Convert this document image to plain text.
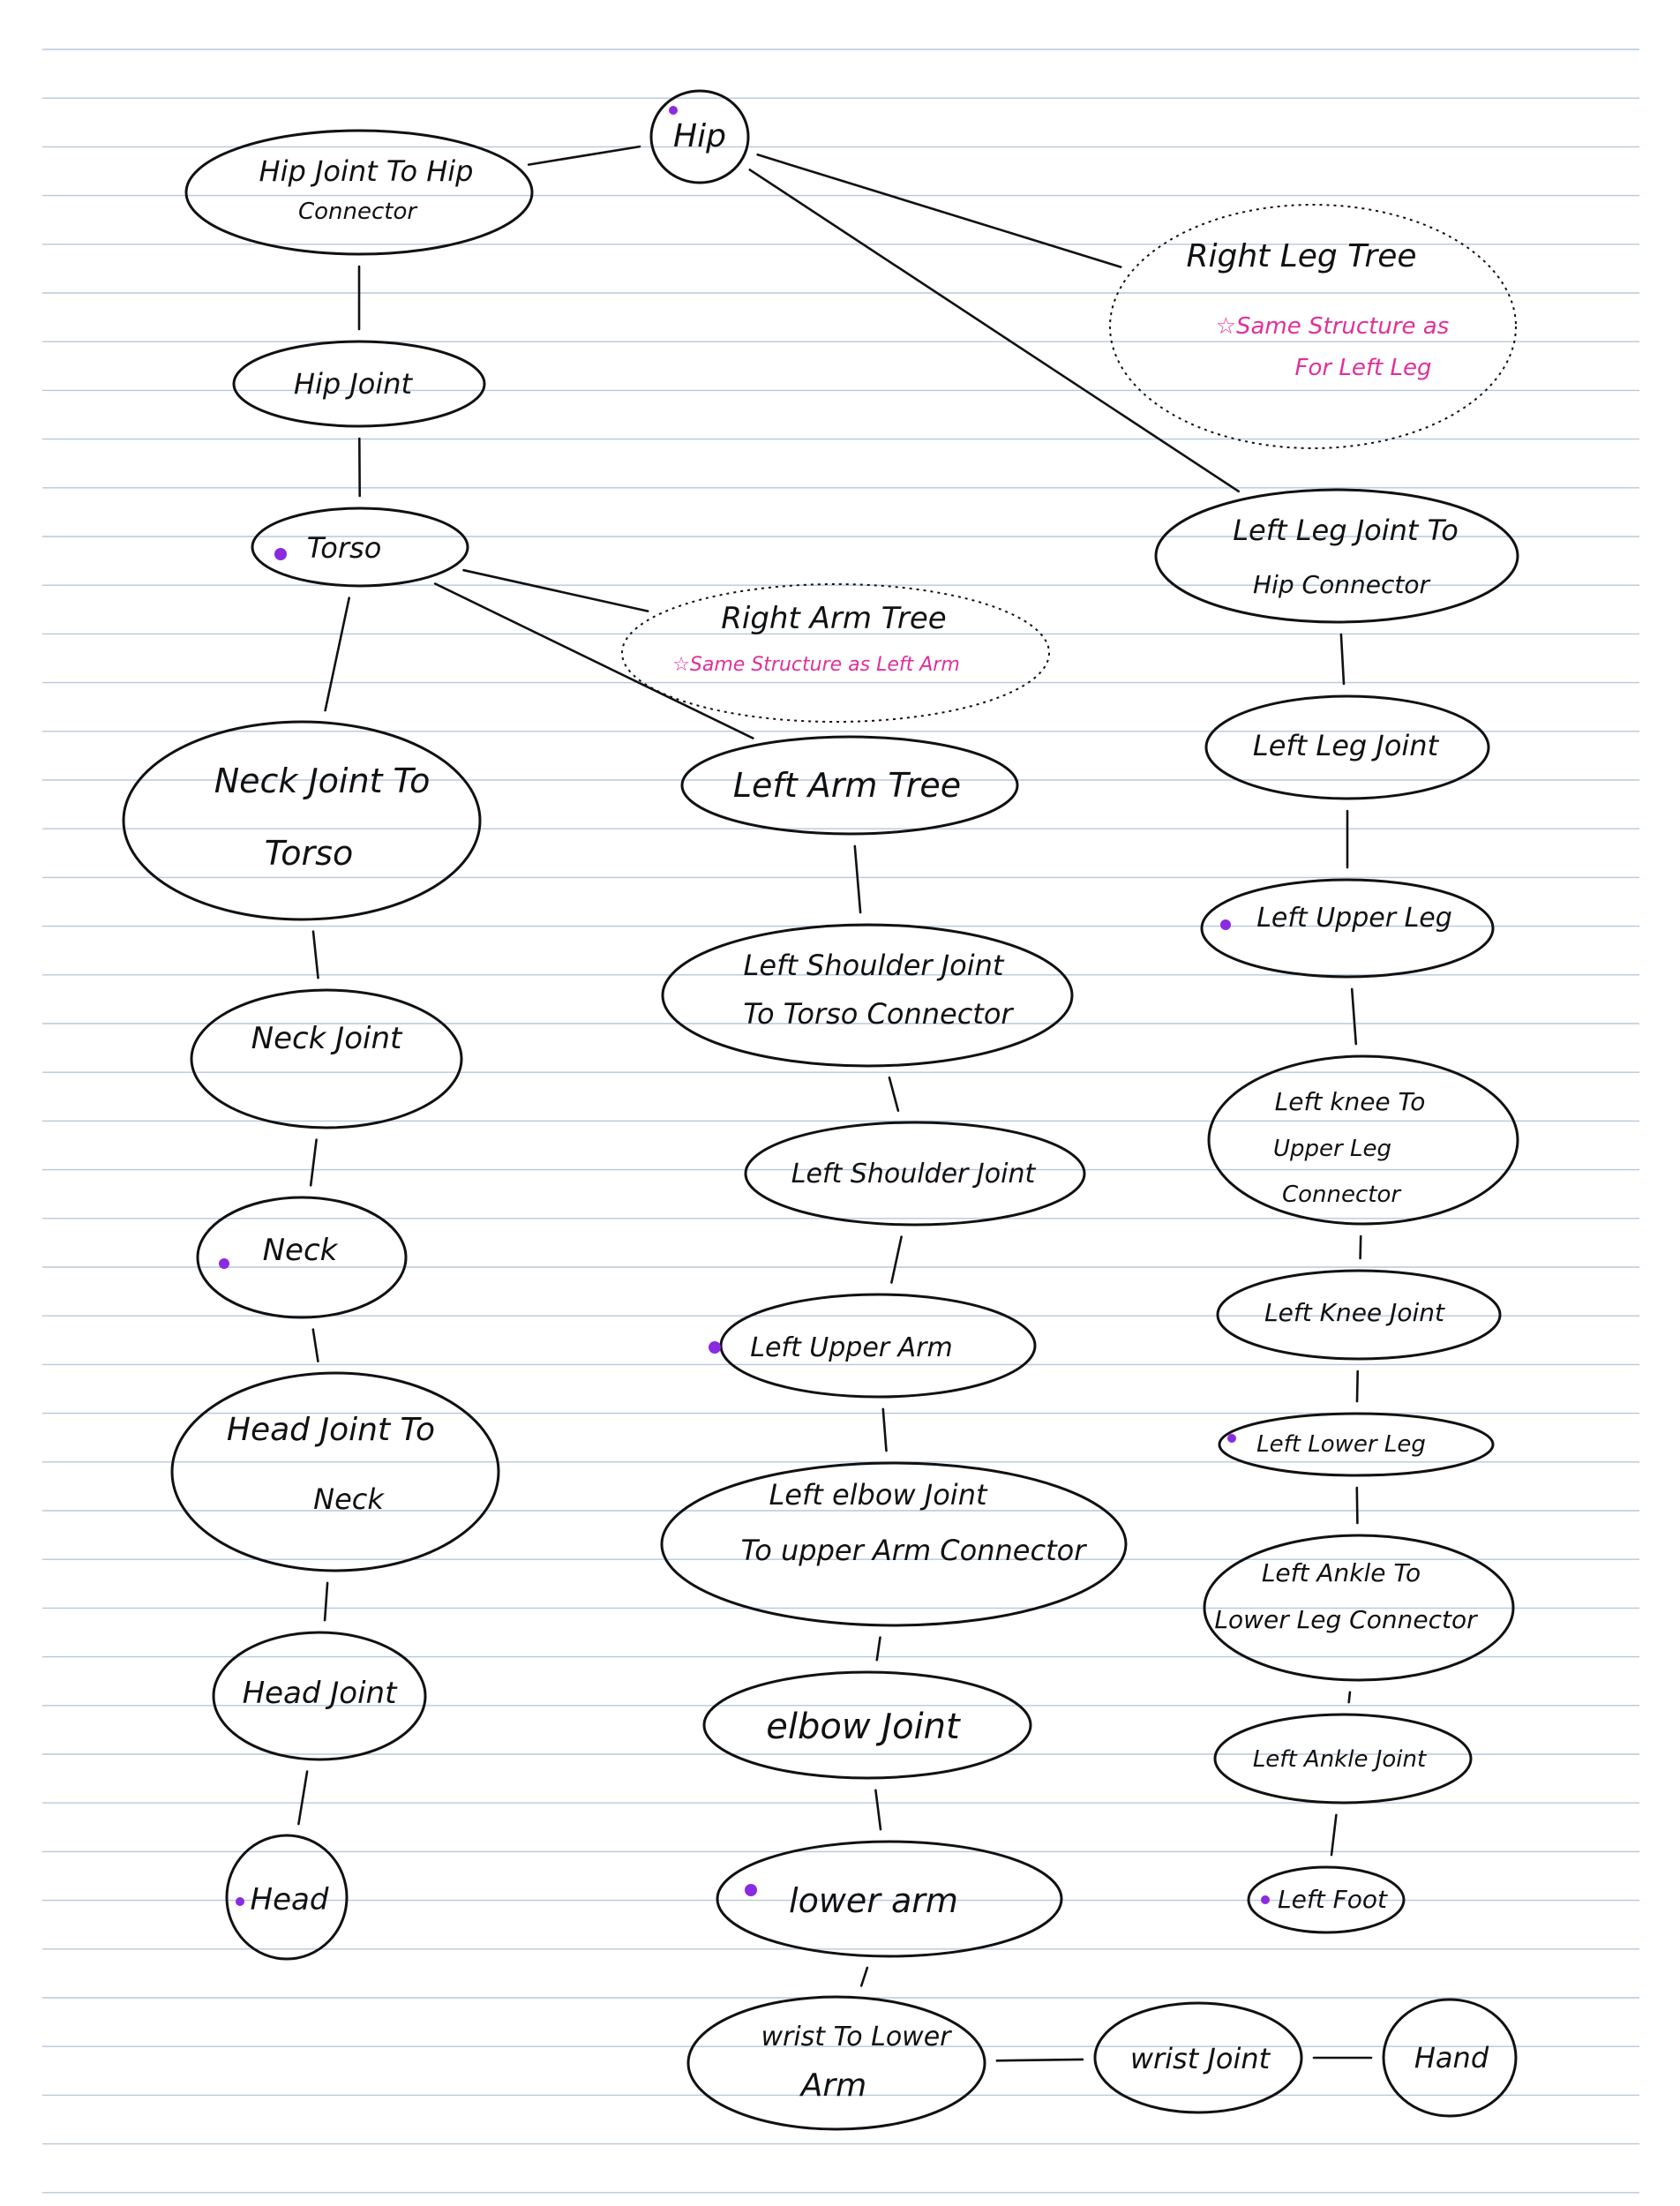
Hip
Hip Joint To Hip
Connector
Hip Joint
Torso
Right Arm Tree
☆Same Structure as Left Arm
Right Leg Tree
☆Same Structure as
For Left Leg
Neck Joint To
Torso
Neck Joint
Neck
Head Joint To
Neck
Head Joint
Head
Left Arm Tree
Left Shoulder Joint
To Torso Connector
Left Shoulder Joint
Left Upper Arm
Left elbow Joint
To upper Arm Connector
elbow Joint
lower arm
wrist To Lower
Arm
wrist Joint	Hand
Left Leg Joint To
Hip Connector
Left Leg Joint
Left Upper Leg
Left knee To
Upper Leg
Connector
Left Knee Joint
Left Lower Leg
Left Ankle To
Lower Leg Connector
Left Ankle Joint
Left Foot
